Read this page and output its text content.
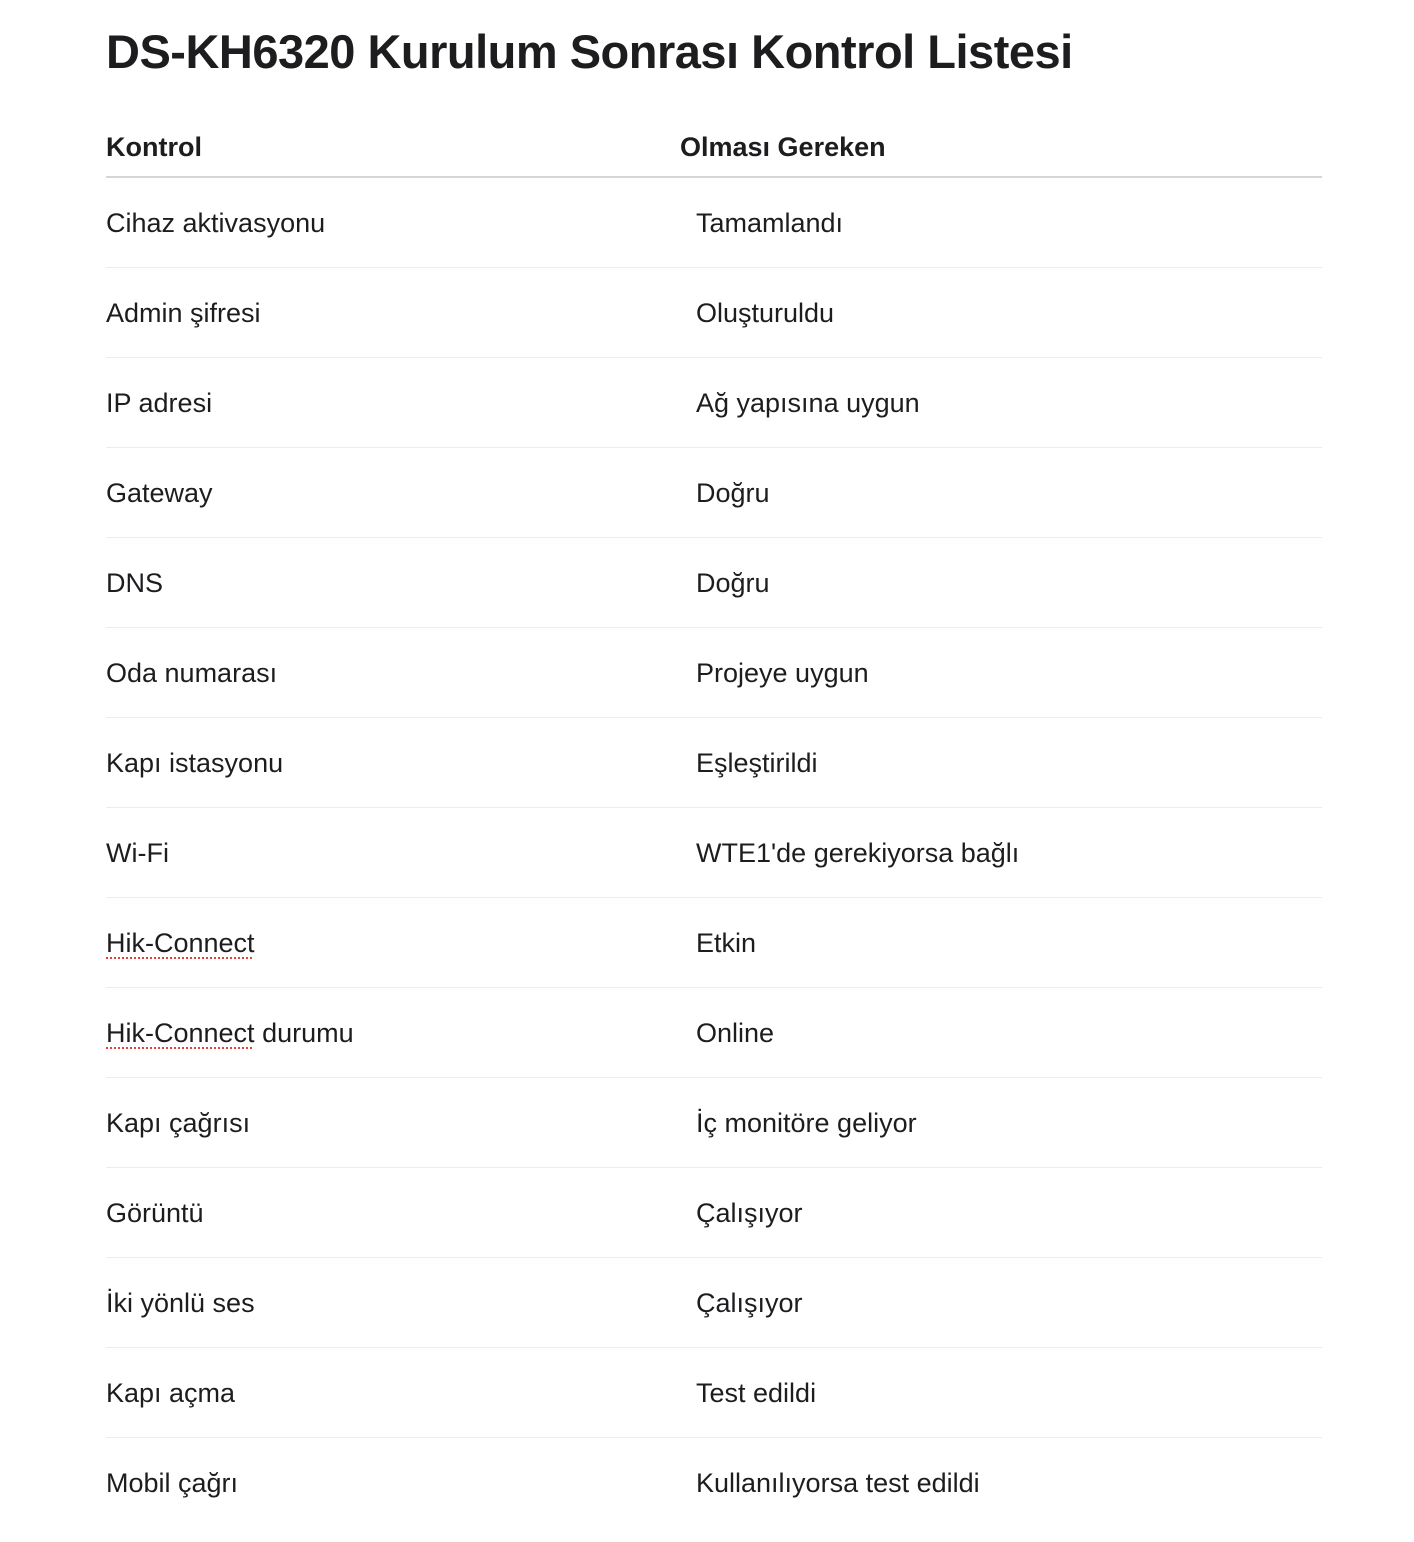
DS-KH6320 Kurulum Sonrası Kontrol Listesi
Kontrol	Olması Gereken
Cihaz aktivasyonu	Tamamlandı
Admin şifresi	Oluşturuldu
IP adresi	Ağ yapısına uygun
Gateway	Doğru
DNS	Doğru
Oda numarası	Projeye uygun
Kapı istasyonu	Eşleştirildi
Wi-Fi	WTE1'de gerekiyorsa bağlı
Hik-Connect	Etkin
Hik-Connect durumu	Online
Kapı çağrısı	İç monitöre geliyor
Görüntü	Çalışıyor
İki yönlü ses	Çalışıyor
Kapı açma	Test edildi
Mobil çağrı	Kullanılıyorsa test edildi
